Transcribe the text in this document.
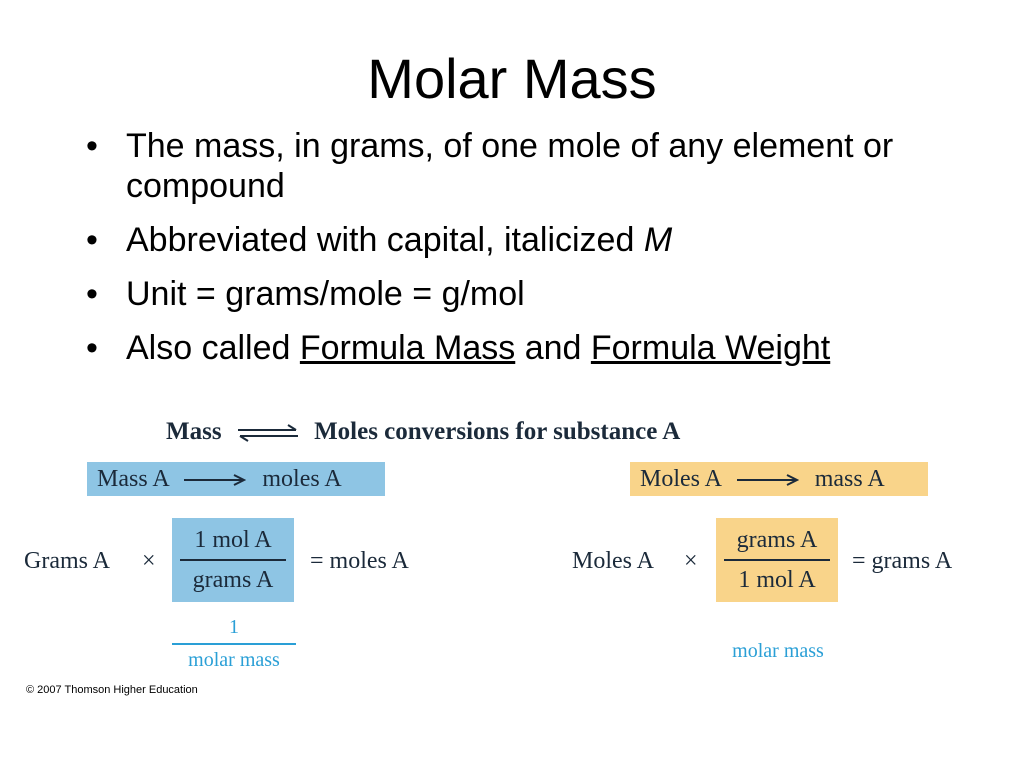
Molar Mass
• The mass, in grams, of one mole of any element or compound
• Abbreviated with capital, italicized M
• Unit = grams/mole = g/mol
• Also called Formula Mass and Formula Weight
Mass ⇌ Moles conversions for substance A
Mass A	moles A
Grams A ×
1 mol A
grams A
= moles A
1
molar mass
Moles A	mass A
Moles A ×
grams A
1 mol A
= grams A
molar mass
© 2007 Thomson Higher Education
